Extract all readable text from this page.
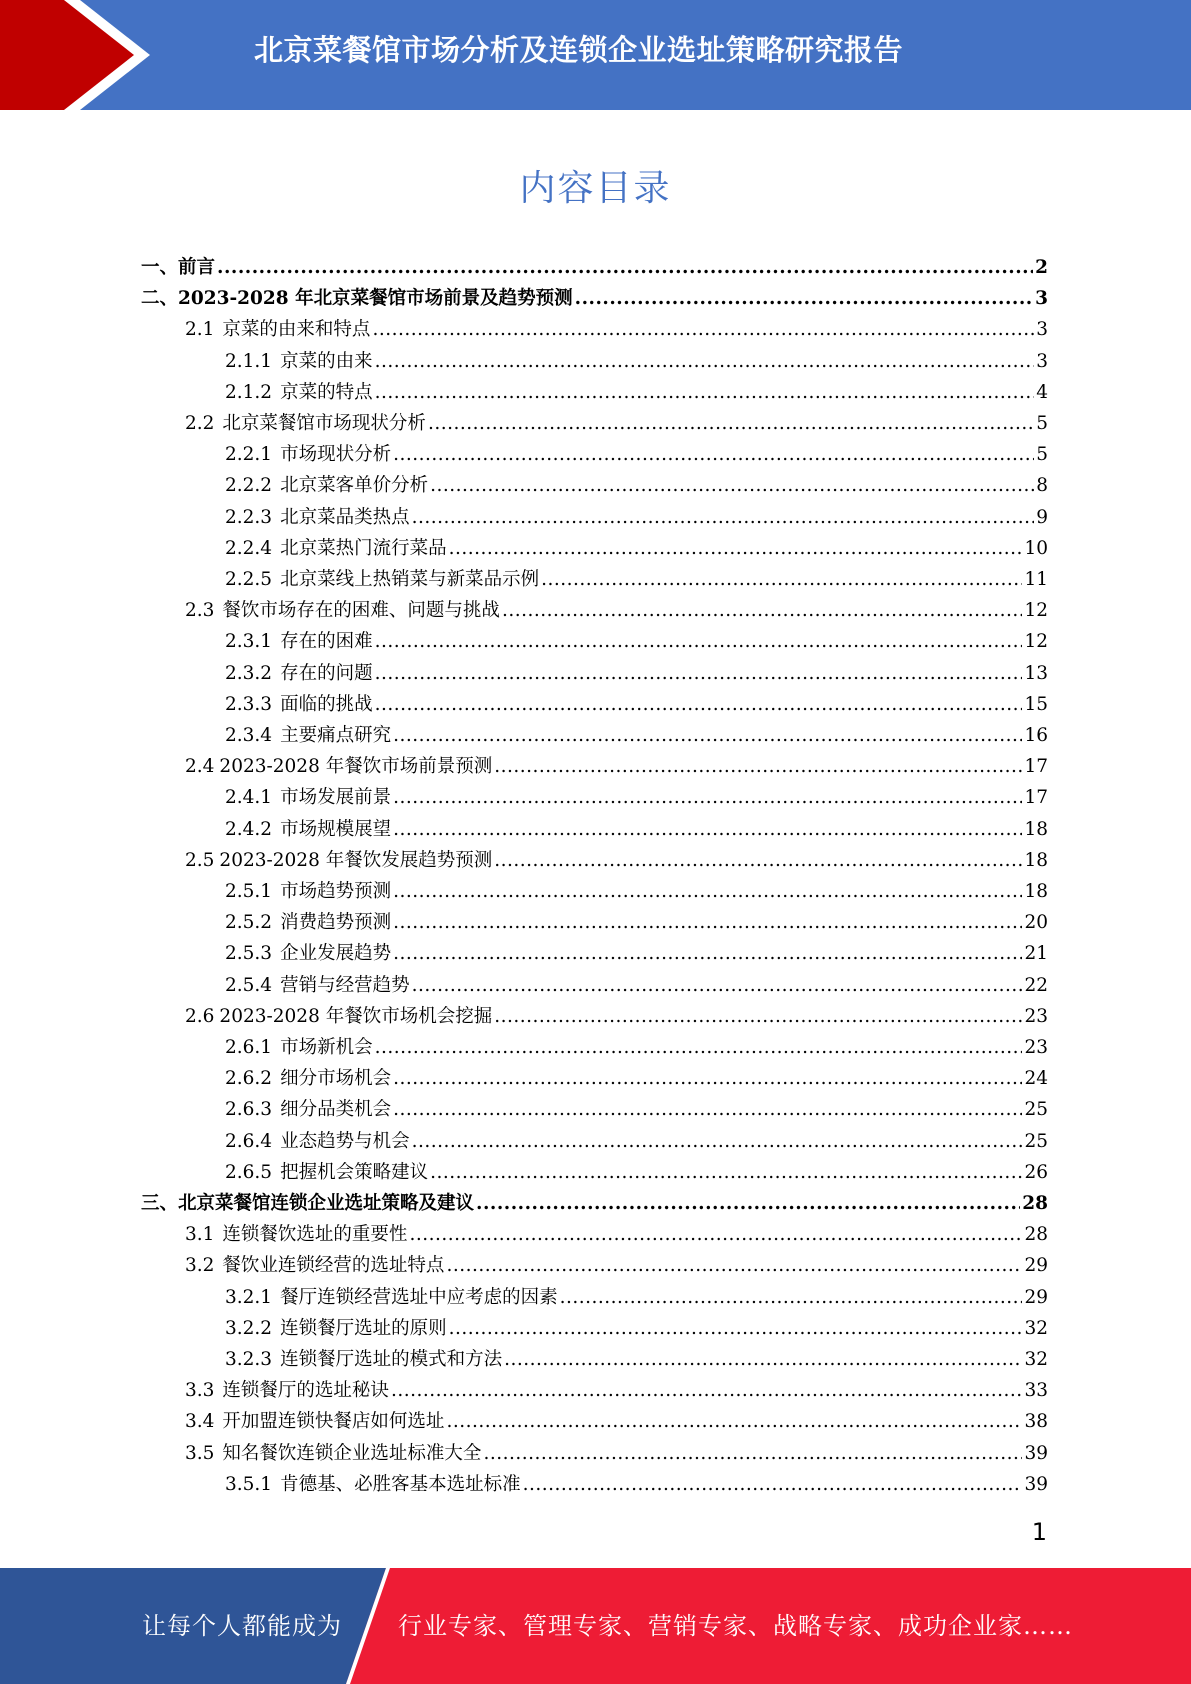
北京菜餐馆市场分析及连锁企业选址策略研究报告
内容目录
一、 前言 .....	2
二、 2023-2028 年北京菜餐馆市场前景及趋势预测 .....	3
2.1 京菜的由来和特点 .....	3
2.1.1 京菜的由来 .....	3
2.1.2 京菜的特点 .....	4
2.2 北京菜餐馆市场现状分析 .....	5
2.2.1 市场现状分析 .....	5
2.2.2 北京菜客单价分析 .....	8
2.2.3 北京菜品类热点 .....	9
2.2.4 北京菜热门流行菜品 .....	10
2.2.5 北京菜线上热销菜与新菜品示例 .....	11
2.3 餐饮市场存在的困难、问题与挑战 .....	12
2.3.1 存在的困难 .....	12
2.3.2 存在的问题 .....	13
2.3.3 面临的挑战 .....	15
2.3.4 主要痛点研究 .....	16
2.4 2023-2028 年餐饮市场前景预测 .....	17
2.4.1 市场发展前景 .....	17
2.4.2 市场规模展望 .....	18
2.5 2023-2028 年餐饮发展趋势预测 .....	18
2.5.1 市场趋势预测 .....	18
2.5.2 消费趋势预测 .....	20
2.5.3 企业发展趋势 .....	21
2.5.4 营销与经营趋势 .....	22
2.6 2023-2028 年餐饮市场机会挖掘 .....	23
2.6.1 市场新机会 .....	23
2.6.2 细分市场机会 .....	24
2.6.3 细分品类机会 .....	25
2.6.4 业态趋势与机会 .....	25
2.6.5 把握机会策略建议 .....	26
三、 北京菜餐馆连锁企业选址策略及建议 .....	28
3.1 连锁餐饮选址的重要性 .....	28
3.2 餐饮业连锁经营的选址特点 .....	29
3.2.1 餐厅连锁经营选址中应考虑的因素 .....	29
3.2.2 连锁餐厅选址的原则 .....	32
3.2.3 连锁餐厅选址的模式和方法 .....	32
3.3 连锁餐厅的选址秘诀 .....	33
3.4 开加盟连锁快餐店如何选址 .....	38
3.5 知名餐饮连锁企业选址标准大全 .....	39
3.5.1 肯德基、必胜客基本选址标准 .....	39
1
让每个人都能成为 行业专家、管理专家、营销专家、战略专家、成功企业家……
